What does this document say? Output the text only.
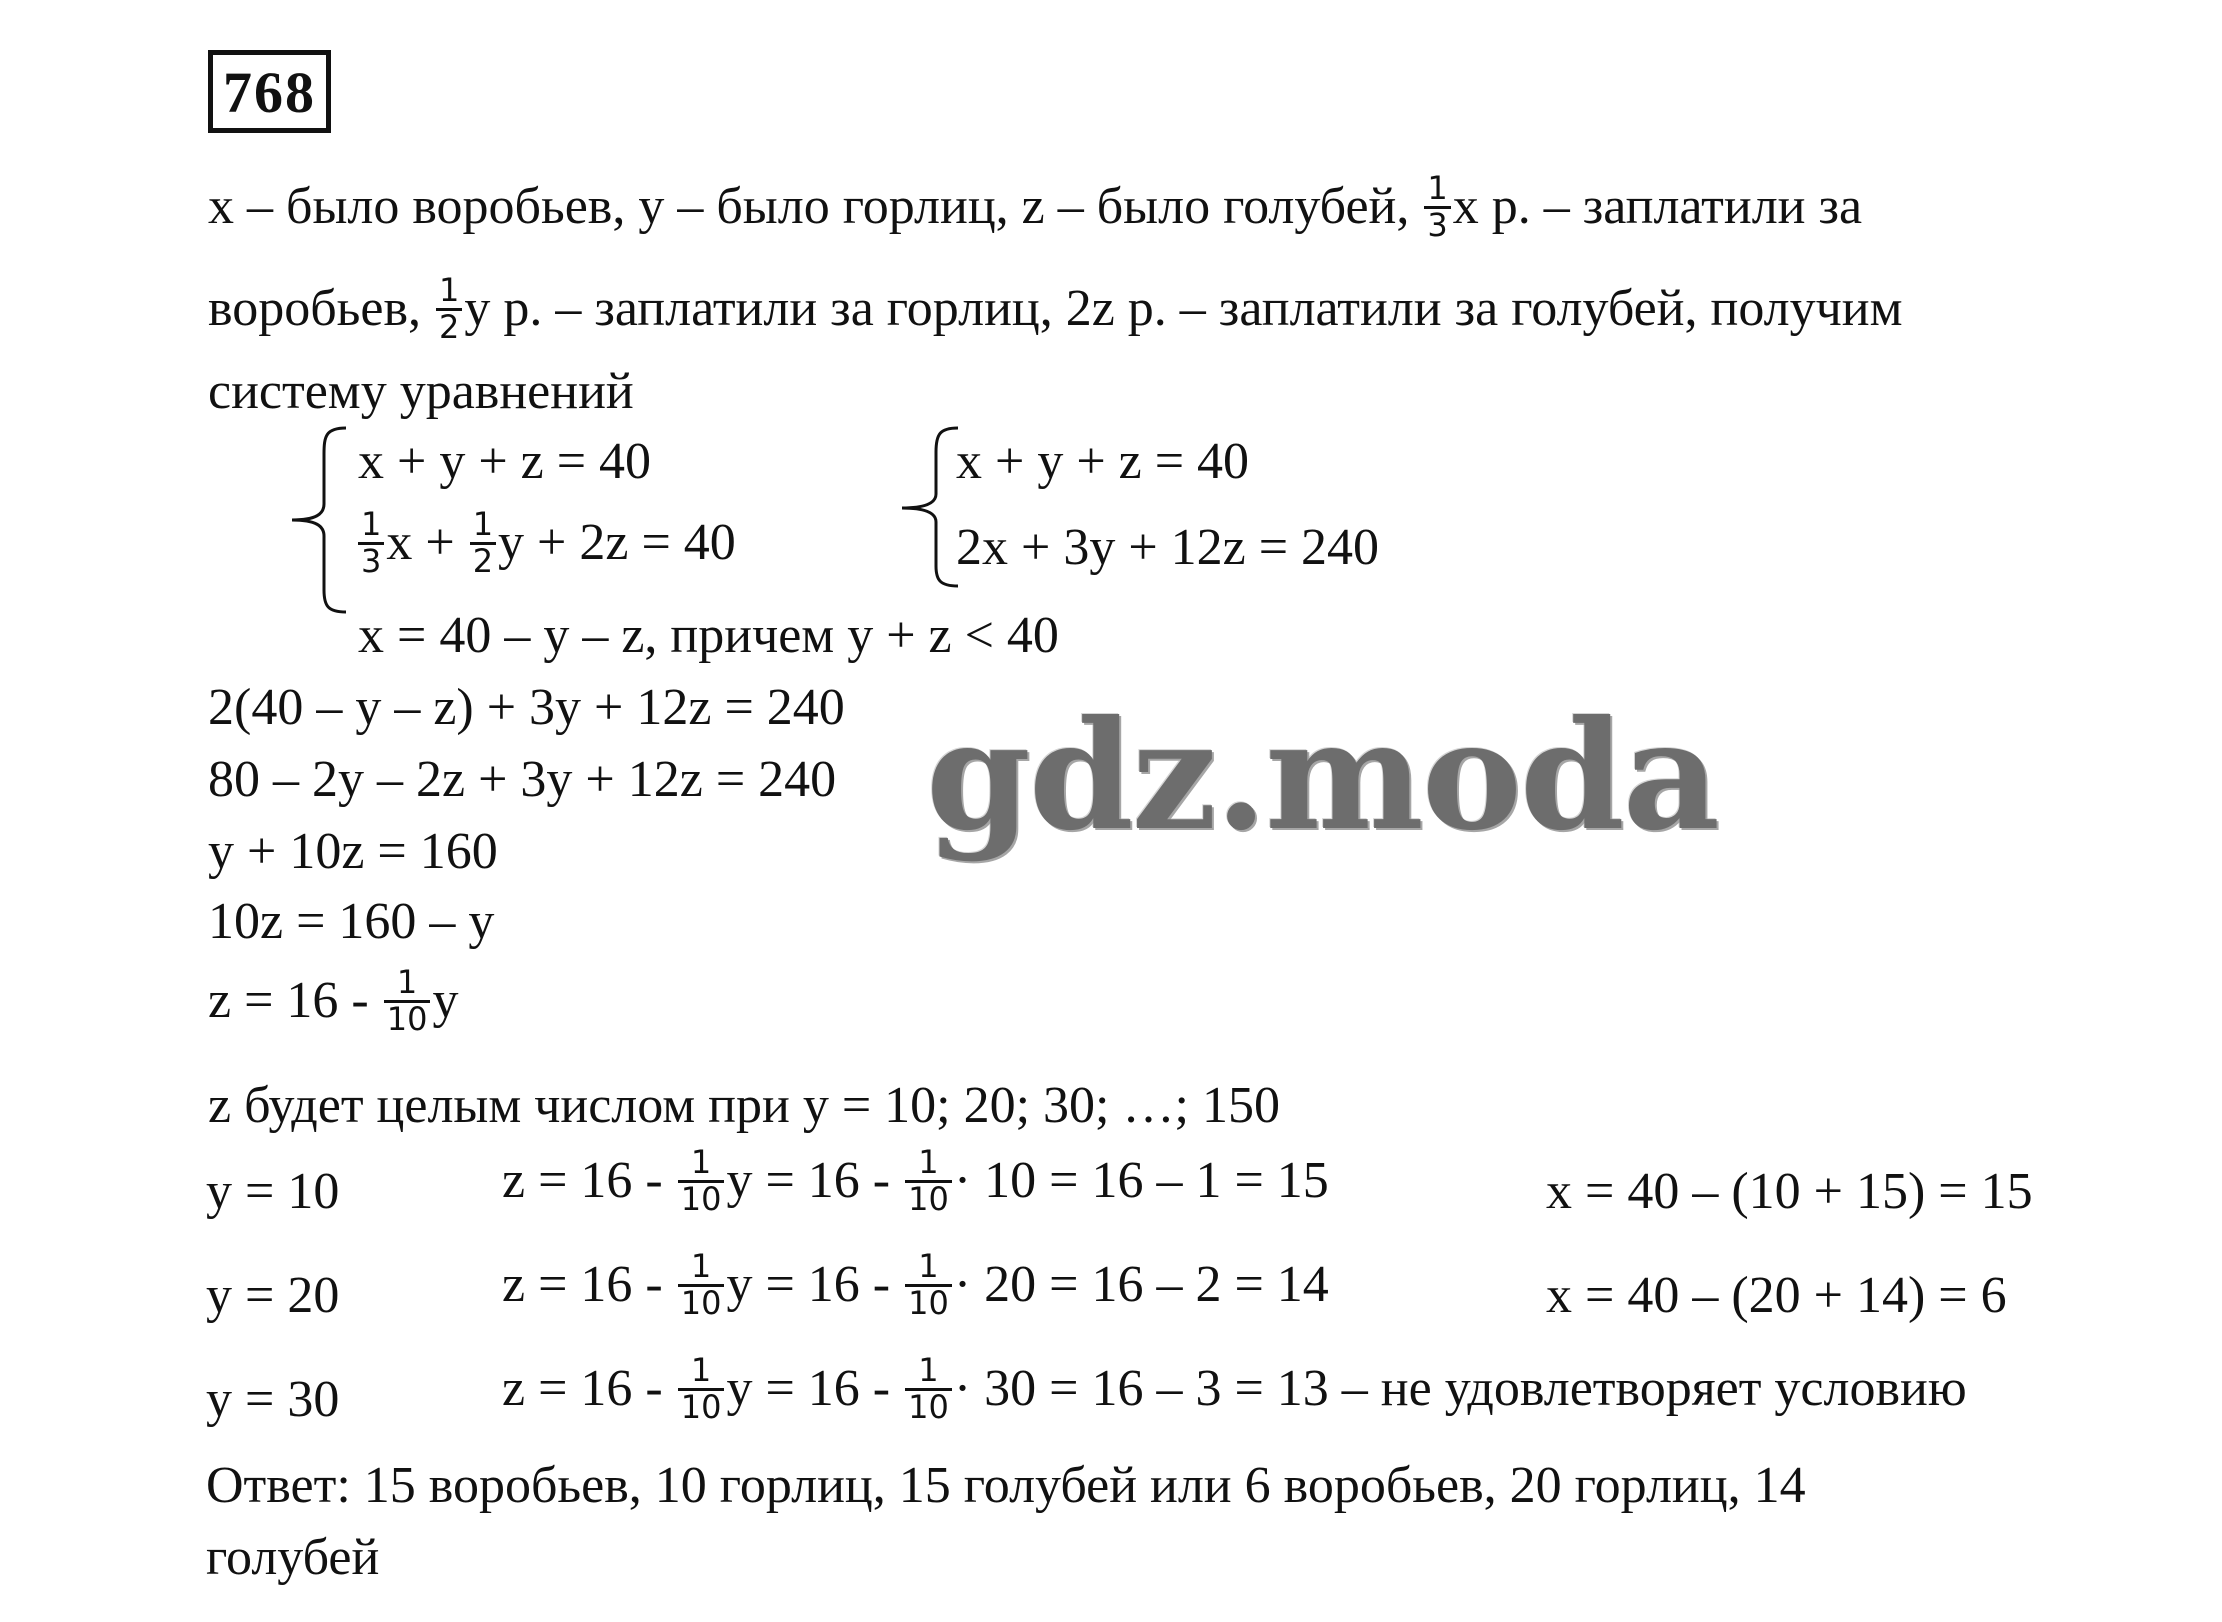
768
x – было воробьев, y – было горлиц, z – было голубей, $\frac{1}{3}$ x р. – заплатили за
воробьев, $\frac{1}{2}$ y р. – заплатили за горлиц, 2z р. – заплатили за голубей, получим
систему уравнений
x + y + z = 40
$\frac{1}{3}$ $x + \frac{1}{2}$ y + 2z = 40
x + y + z = 40
2x + 3y + 12z = 240
x = 40 – y – z, причем y + z < 40
2(40 – y – z) + 3y + 12z = 240
80 – 2y – 2z + 3y + 12z = 240
y + 10z = 160
10z = 160 – y
$z = 16 - \frac{1}{10}$ y
z будет целым числом при y = 10; 20; 30; …; 150
y = 10	$z = 16 - \frac{1}{10}$ $y = 16 - \frac{1}{10} \cdot 10 = 16 - 1 = 15$	x = 40 – (10 + 15) = 15
y = 20	$z = 16 - \frac{1}{10}$ $y = 16 - \frac{1}{10} \cdot 20 = 16 - 2 = 14$	x = 40 – (20 + 14) = 6
y = 30	$z = 16 - \frac{1}{10}$ $y = 16 - \frac{1}{10} \cdot 30 = 16 - 3 = 13$ – не удовлетворяет условию
Ответ: 15 воробьев, 10 горлиц, 15 голубей или 6 воробьев, 20 горлиц, 14
голубей
gdz.moda
